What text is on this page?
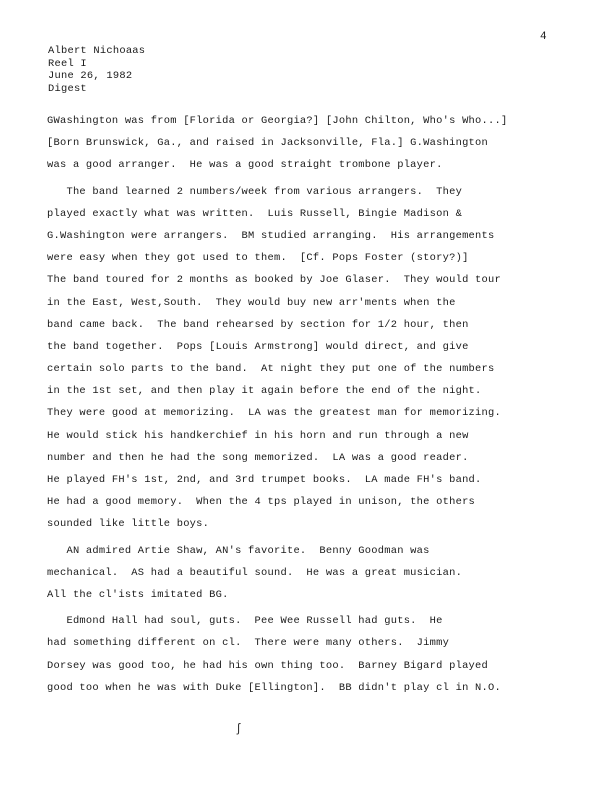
4
Albert Nichoaas
Reel I
June 26, 1982
Digest
GWashington was from [Florida or Georgia?] [John Chilton, Who's Who...]
[Born Brunswick, Ga., and raised in Jacksonville, Fla.] G.Washington
was a good arranger.  He was a good straight trombone player.
The band learned 2 numbers/week from various arrangers.  They
played exactly what was written.  Luis Russell, Bingie Madison &
G.Washington were arrangers.  BM studied arranging.  His arrangements
were easy when they got used to them.  [Cf. Pops Foster (story?)]
The band toured for 2 months as booked by Joe Glaser.  They would tour
in the East, West,South.  They would buy new arr'ments when the
band came back.  The band rehearsed by section for 1/2 hour, then
the band together.  Pops [Louis Armstrong] would direct, and give
certain solo parts to the band.  At night they put one of the numbers
in the 1st set, and then play it again before the end of the night.
They were good at memorizing.  LA was the greatest man for memorizing.
He would stick his handkerchief in his horn and run through a new
number and then he had the song memorized.  LA was a good reader.
He played FH's 1st, 2nd, and 3rd trumpet books.  LA made FH's band.
He had a good memory.  When the 4 tps played in unison, the others
sounded like little boys.
AN admired Artie Shaw, AN's favorite.  Benny Goodman was
mechanical.  AS had a beautiful sound.  He was a great musician.
All the cl'ists imitated BG.
Edmond Hall had soul, guts.  Pee Wee Russell had guts.  He
had something different on cl.  There were many others.  Jimmy
Dorsey was good too, he had his own thing too.  Barney Bigard played
good too when he was with Duke [Ellington].  BB didn't play cl in N.O.
ʃ
